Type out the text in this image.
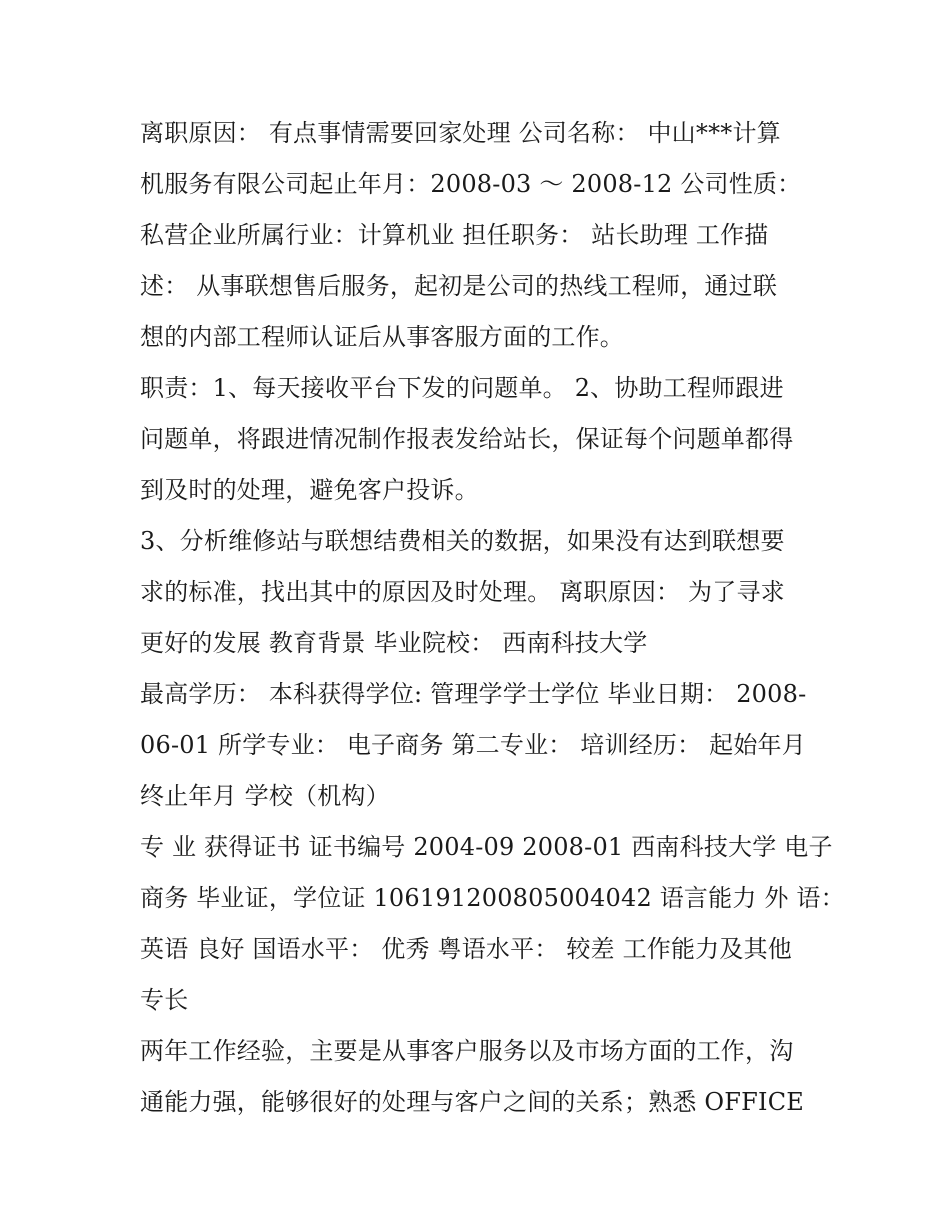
离职原因： 有点事情需要回家处理 公司名称： 中山***计算
机服务有限公司起止年月：2008-03 ～ 2008-12 公司性质：
私营企业所属行业：计算机业 担任职务： 站长助理 工作描
述： 从事联想售后服务，起初是公司的热线工程师，通过联
想的内部工程师认证后从事客服方面的工作。
职责：1、每天接收平台下发的问题单。 2、协助工程师跟进
问题单，将跟进情况制作报表发给站长，保证每个问题单都得
到及时的处理，避免客户投诉。
3、分析维修站与联想结费相关的数据，如果没有达到联想要
求的标准，找出其中的原因及时处理。 离职原因： 为了寻求
更好的发展 教育背景 毕业院校： 西南科技大学
最高学历： 本科获得学位: 管理学学士学位 毕业日期： 2008-
06-01 所学专业： 电子商务 第二专业： 培训经历： 起始年月
终止年月 学校（机构）
专 业 获得证书 证书编号 2004-09 2008-01 西南科技大学 电子
商务 毕业证，学位证 106191200805004042 语言能力 外 语：
英语 良好 国语水平： 优秀 粤语水平： 较差 工作能力及其他
专长
两年工作经验，主要是从事客户服务以及市场方面的工作，沟
通能力强，能够很好的处理与客户之间的关系；熟悉 OFFICE
